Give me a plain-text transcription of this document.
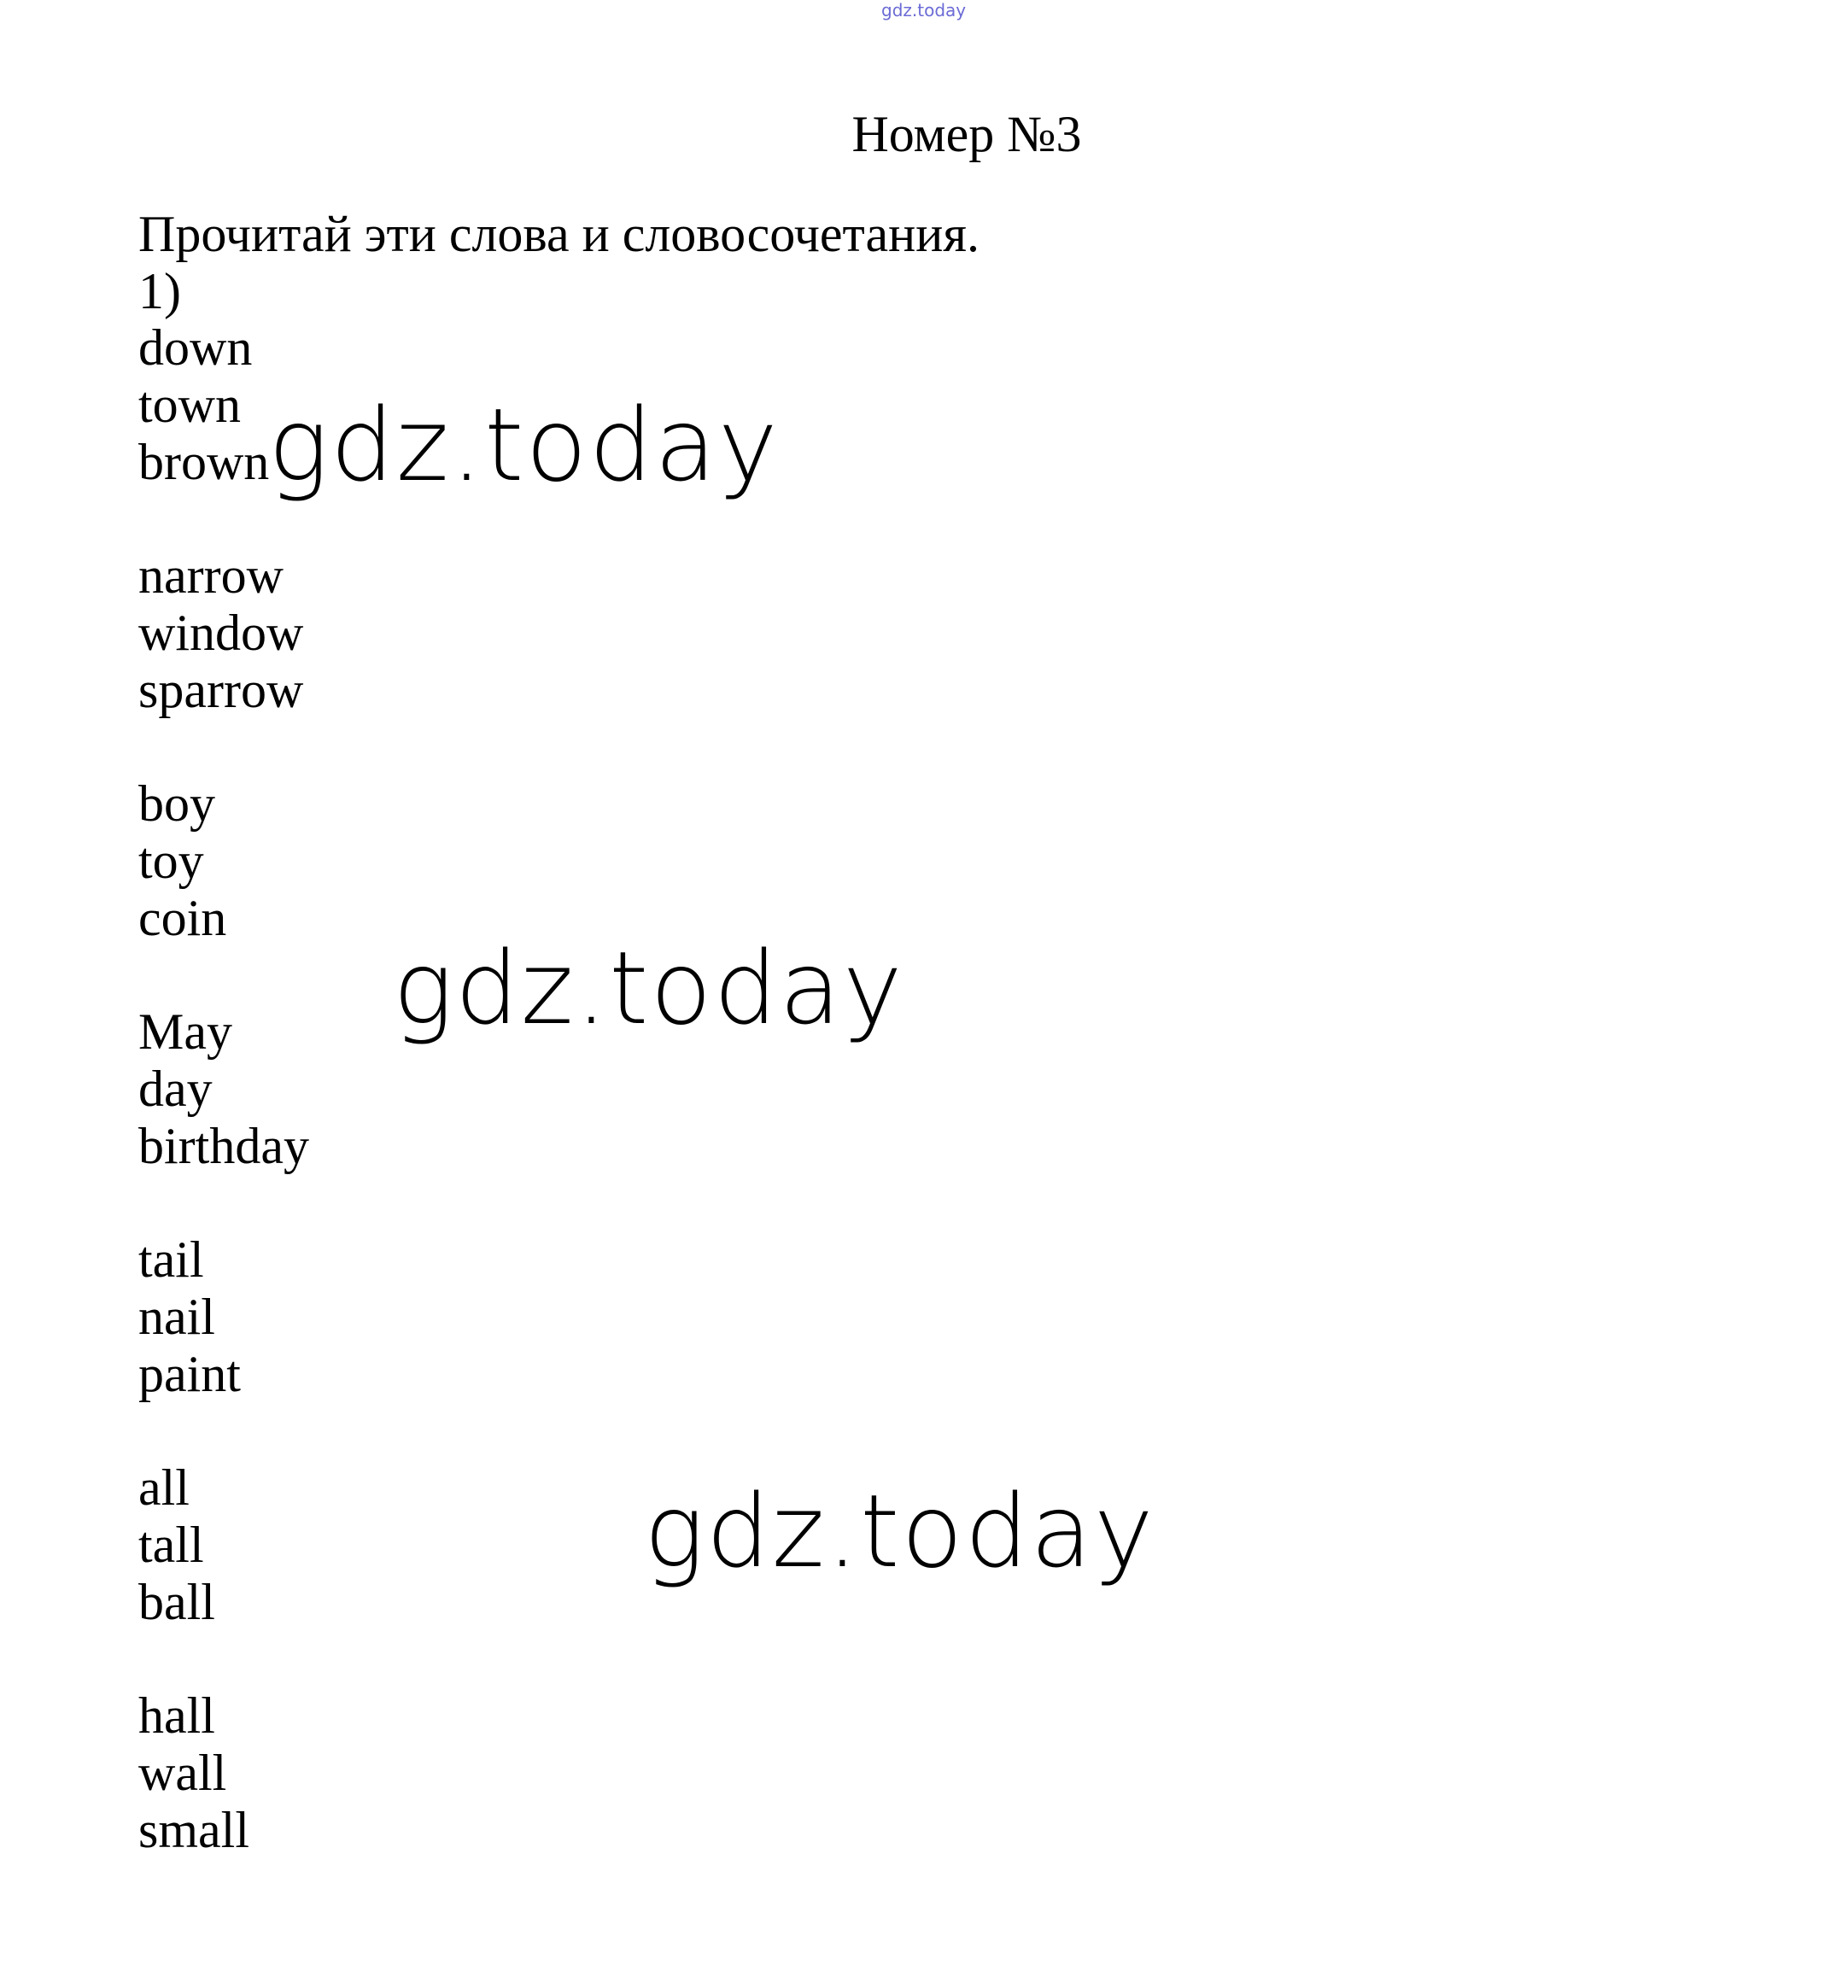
gdz.today
Номер №3
Прочитай эти слова и словосочетания.
1)
down
town
brown
narrow
window
sparrow
boy
toy
coin
May
day
birthday
tail
nail
paint
all
tall
ball
hall
wall
small
gdz.today
gdz.today
gdz.today
